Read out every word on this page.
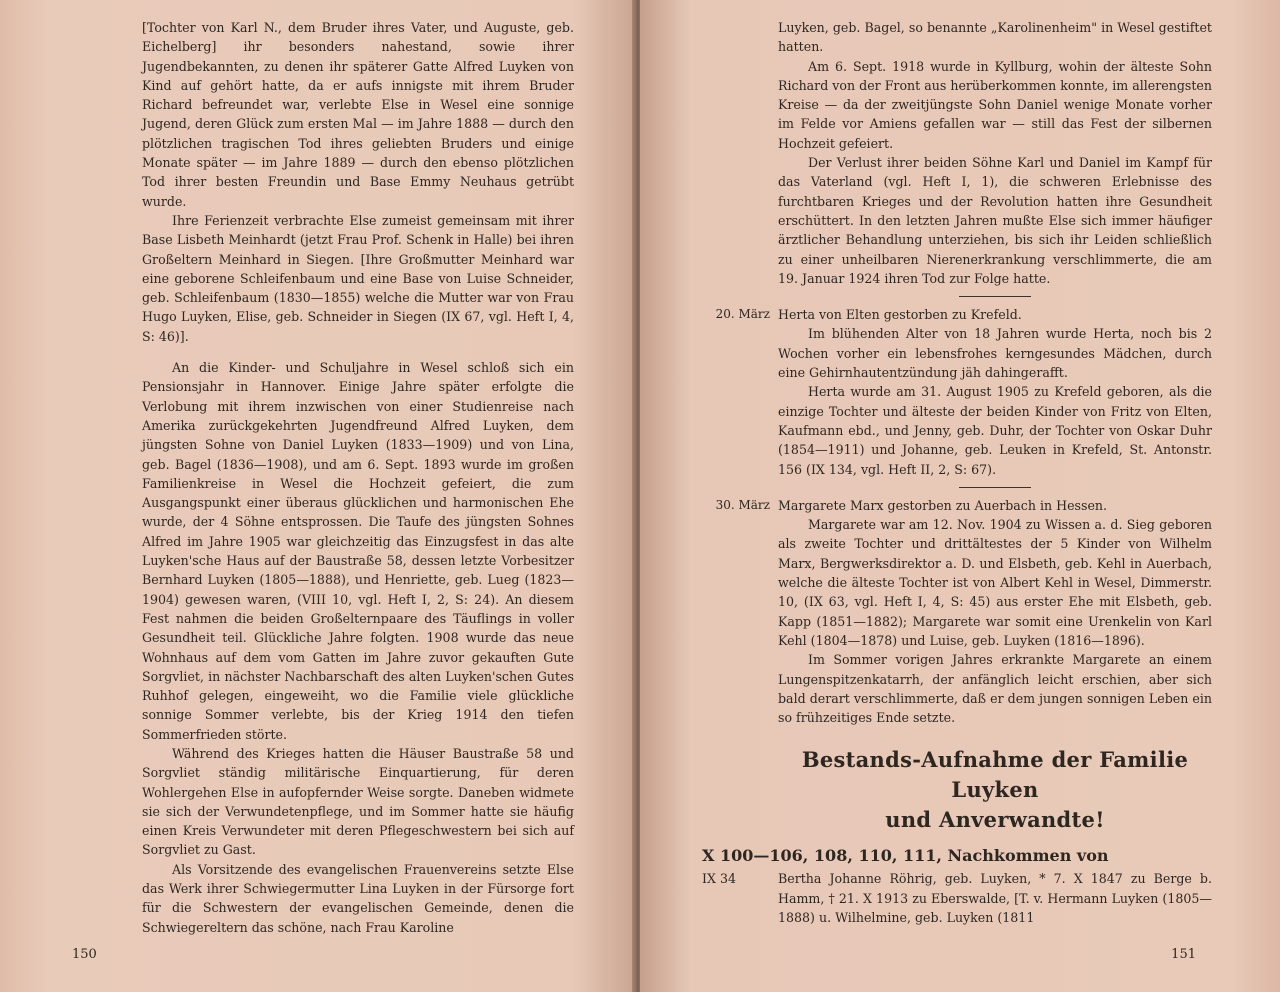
[Tochter von Karl N., dem Bruder ihres Vater, und Auguste, geb. Eichelberg] ihr besonders nahestand, sowie ihrer Jugendbekannten, zu denen ihr späterer Gatte Alfred Luyken von Kind auf gehört hatte, da er aufs innigste mit ihrem Bruder Richard befreundet war, verlebte Else in Wesel eine sonnige Jugend, deren Glück zum ersten Mal — im Jahre 1888 — durch den plötzlichen tragischen Tod ihres geliebten Bruders und einige Monate später — im Jahre 1889 — durch den ebenso plötzlichen Tod ihrer besten Freundin und Base Emmy Neuhaus getrübt wurde.

Ihre Ferienzeit verbrachte Else zumeist gemeinsam mit ihrer Base Lisbeth Meinhardt (jetzt Frau Prof. Schenk in Halle) bei ihren Großeltern Meinhard in Siegen. [Ihre Großmutter Meinhard war eine geborene Schleifenbaum und eine Base von Luise Schneider, geb. Schleifenbaum (1830—1855) welche die Mutter war von Frau Hugo Luyken, Elise, geb. Schneider in Siegen (IX 67, vgl. Heft I, 4, S: 46)].

An die Kinder- und Schuljahre in Wesel schloß sich ein Pensionsjahr in Hannover. Einige Jahre später erfolgte die Verlobung mit ihrem inzwischen von einer Studienreise nach Amerika zurückgekehrten Jugendfreund Alfred Luyken, dem jüngsten Sohne von Daniel Luyken (1833—1909) und von Lina, geb. Bagel (1836—1908), und am 6. Sept. 1893 wurde im großen Familienkreise in Wesel die Hochzeit gefeiert, die zum Ausgangspunkt einer überaus glücklichen und harmonischen Ehe wurde, der 4 Söhne entsprossen. Die Taufe des jüngsten Sohnes Alfred im Jahre 1905 war gleichzeitig das Einzugsfest in das alte Luyken'sche Haus auf der Baustraße 58, dessen letzte Vorbesitzer Bernhard Luyken (1805—1888), und Henriette, geb. Lueg (1823—1904) gewesen waren, (VIII 10, vgl. Heft I, 2, S: 24). An diesem Fest nahmen die beiden Großelternpaare des Täuflings in voller Gesundheit teil. Glückliche Jahre folgten. 1908 wurde das neue Wohnhaus auf dem vom Gatten im Jahre zuvor gekauften Gute Sorgvliet, in nächster Nachbarschaft des alten Luyken'schen Gutes Ruhhof gelegen, eingeweiht, wo die Familie viele glückliche sonnige Sommer verlebte, bis der Krieg 1914 den tiefen Sommerfrieden störte.

Während des Krieges hatten die Häuser Baustraße 58 und Sorgvliet ständig militärische Einquartierung, für deren Wohlergehen Else in aufopfernder Weise sorgte. Daneben widmete sie sich der Verwundetenpflege, und im Sommer hatte sie häufig einen Kreis Verwundeter mit deren Pflegeschwestern bei sich auf Sorgvliet zu Gast.

Als Vorsitzende des evangelischen Frauenvereins setzte Else das Werk ihrer Schwiegermutter Lina Luyken in der Fürsorge fort für die Schwestern der evangelischen Gemeinde, denen die Schwiegereltern das schöne, nach Frau Karoline

150

Luyken, geb. Bagel, so benannte „Karolinenheim" in Wesel gestiftet hatten.

Am 6. Sept. 1918 wurde in Kyllburg, wohin der älteste Sohn Richard von der Front aus herüberkommen konnte, im allerengsten Kreise — da der zweitjüngste Sohn Daniel wenige Monate vorher im Felde vor Amiens gefallen war — still das Fest der silbernen Hochzeit gefeiert.

Der Verlust ihrer beiden Söhne Karl und Daniel im Kampf für das Vaterland (vgl. Heft I, 1), die schweren Erlebnisse des furchtbaren Krieges und der Revolution hatten ihre Gesundheit erschüttert. In den letzten Jahren mußte Else sich immer häufiger ärztlicher Behandlung unterziehen, bis sich ihr Leiden schließlich zu einer unheilbaren Nierenerkrankung verschlimmerte, die am 19. Januar 1924 ihren Tod zur Folge hatte.

20. März Herta von Elten gestorben zu Krefeld.

Im blühenden Alter von 18 Jahren wurde Herta, noch bis 2 Wochen vorher ein lebensfrohes kerngesundes Mädchen, durch eine Gehirnhautentzündung jäh dahingerafft.

Herta wurde am 31. August 1905 zu Krefeld geboren, als die einzige Tochter und älteste der beiden Kinder von Fritz von Elten, Kaufmann ebd., und Jenny, geb. Duhr, der Tochter von Oskar Duhr (1854—1911) und Johanne, geb. Leuken in Krefeld, St. Antonstr. 156 (IX 134, vgl. Heft II, 2, S: 67).

30. März Margarete Marx gestorben zu Auerbach in Hessen.

Margarete war am 12. Nov. 1904 zu Wissen a. d. Sieg geboren als zweite Tochter und drittältestes der 5 Kinder von Wilhelm Marx, Bergwerksdirektor a. D. und Elsbeth, geb. Kehl in Auerbach, welche die älteste Tochter ist von Albert Kehl in Wesel, Dimmerstr. 10, (IX 63, vgl. Heft I, 4, S: 45) aus erster Ehe mit Elsbeth, geb. Kapp (1851—1882); Margarete war somit eine Urenkelin von Karl Kehl (1804—1878) und Luise, geb. Luyken (1816—1896).

Im Sommer vorigen Jahres erkrankte Margarete an einem Lungenspitzenkatarrh, der anfänglich leicht erschien, aber sich bald derart verschlimmerte, daß er dem jungen sonnigen Leben ein so frühzeitiges Ende setzte.

Bestands-Aufnahme der Familie Luyken
und Anverwandte!
X 100—106, 108, 110, 111, Nachkommen von
IX 34	Bertha Johanne Röhrig, geb. Luyken, * 7. X 1847 zu Berge b. Hamm, † 21. X 1913 zu Eberswalde, [T. v. Hermann Luyken (1805—1888) u. Wilhelmine, geb. Luyken (1811

151
